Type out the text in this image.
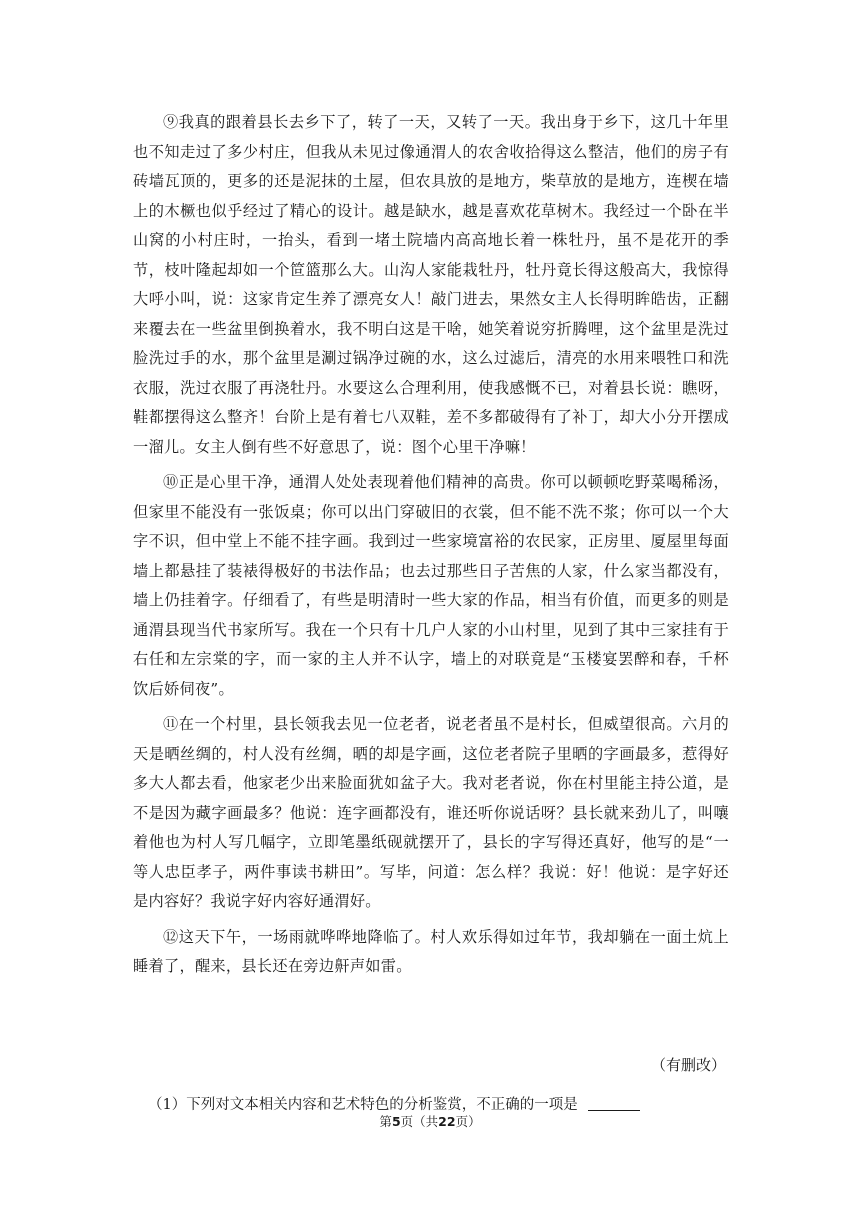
⑨我真的跟着县长去乡下了，转了一天，又转了一天。我出身于乡下，这几十年里也不知走过了多少村庄，但我从未见过像通渭人的农舍收拾得这么整洁，他们的房子有砖墙瓦顶的，更多的还是泥抹的土屋，但农具放的是地方，柴草放的是地方，连楔在墙上的木橛也似乎经过了精心的设计。越是缺水，越是喜欢花草树木。我经过一个卧在半山窝的小村庄时，一抬头，看到一堵土院墙内高高地长着一株牡丹，虽不是花开的季节，枝叶隆起却如一个笸篮那么大。山沟人家能栽牡丹，牡丹竟长得这般高大，我惊得大呼小叫，说：这家肯定生养了漂亮女人！敲门进去，果然女主人长得明眸皓齿，正翻来覆去在一些盆里倒换着水，我不明白这是干啥，她笑着说穷折腾哩，这个盆里是洗过脸洗过手的水，那个盆里是涮过锅净过碗的水，这么过滤后，清亮的水用来喂牲口和洗衣服，洗过衣服了再浇牡丹。水要这么合理利用，使我感慨不已，对着县长说：瞧呀，鞋都摆得这么整齐！台阶上是有着七八双鞋，差不多都破得有了补丁，却大小分开摆成一溜儿。女主人倒有些不好意思了，说：图个心里干净嘛！

⑩正是心里干净，通渭人处处表现着他们精神的高贵。你可以顿顿吃野菜喝稀汤，但家里不能没有一张饭桌；你可以出门穿破旧的衣裳，但不能不洗不浆；你可以一个大字不识，但中堂上不能不挂字画。我到过一些家境富裕的农民家，正房里、厦屋里每面墙上都悬挂了装裱得极好的书法作品；也去过那些日子苦焦的人家，什么家当都没有，墙上仍挂着字。仔细看了，有些是明清时一些大家的作品，相当有价值，而更多的则是通渭县现当代书家所写。我在一个只有十几户人家的小山村里，见到了其中三家挂有于右任和左宗棠的字，而一家的主人并不认字，墙上的对联竟是“玉楼宴罢醉和春，千杯饮后娇伺夜”。

⑪在一个村里，县长领我去见一位老者，说老者虽不是村长，但威望很高。六月的天是晒丝绸的，村人没有丝绸，晒的却是字画，这位老者院子里晒的字画最多，惹得好多大人都去看，他家老少出来脸面犹如盆子大。我对老者说，你在村里能主持公道，是不是因为藏字画最多？他说：连字画都没有，谁还听你说话呀？县长就来劲儿了，叫嚷着他也为村人写几幅字，立即笔墨纸砚就摆开了，县长的字写得还真好，他写的是“一等人忠臣孝子，两件事读书耕田”。写毕，问道：怎么样？我说：好！他说：是字好还是内容好？我说字好内容好通渭好。

⑫这天下午，一场雨就哗哗地降临了。村人欢乐得如过年节，我却躺在一面土炕上睡着了，醒来，县长还在旁边鼾声如雷。

（有删改）
（1）下列对文本相关内容和艺术特色的分析鉴赏，不正确的一项是
第5页（共22页）
